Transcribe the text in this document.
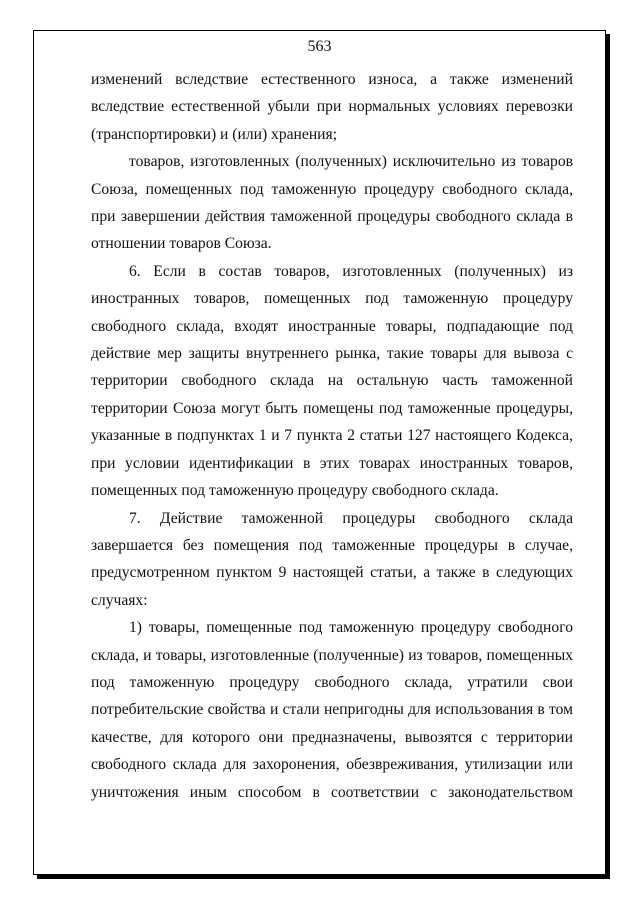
563

изменений вследствие естественного износа, а также изменений вследствие естественной убыли при нормальных условиях перевозки (транспортировки) и (или) хранения;

товаров, изготовленных (полученных) исключительно из товаров Союза, помещенных под таможенную процедуру свободного склада, при завершении действия таможенной процедуры свободного склада в отношении товаров Союза.

6. Если в состав товаров, изготовленных (полученных) из иностранных товаров, помещенных под таможенную процедуру свободного склада, входят иностранные товары, подпадающие под действие мер защиты внутреннего рынка, такие товары для вывоза с территории свободного склада на остальную часть таможенной территории Союза могут быть помещены под таможенные процедуры, указанные в подпунктах 1 и 7 пункта 2 статьи 127 настоящего Кодекса, при условии идентификации в этих товарах иностранных товаров, помещенных под таможенную процедуру свободного склада.

7. Действие таможенной процедуры свободного склада завершается без помещения под таможенные процедуры в случае, предусмотренном пунктом 9 настоящей статьи, а также в следующих случаях:

1) товары, помещенные под таможенную процедуру свободного склада, и товары, изготовленные (полученные) из товаров, помещенных под таможенную процедуру свободного склада, утратили свои потребительские свойства и стали непригодны для использования в том качестве, для которого они предназначены, вывозятся с территории свободного склада для захоронения, обезвреживания, утилизации или уничтожения иным способом в соответствии с законодательством
